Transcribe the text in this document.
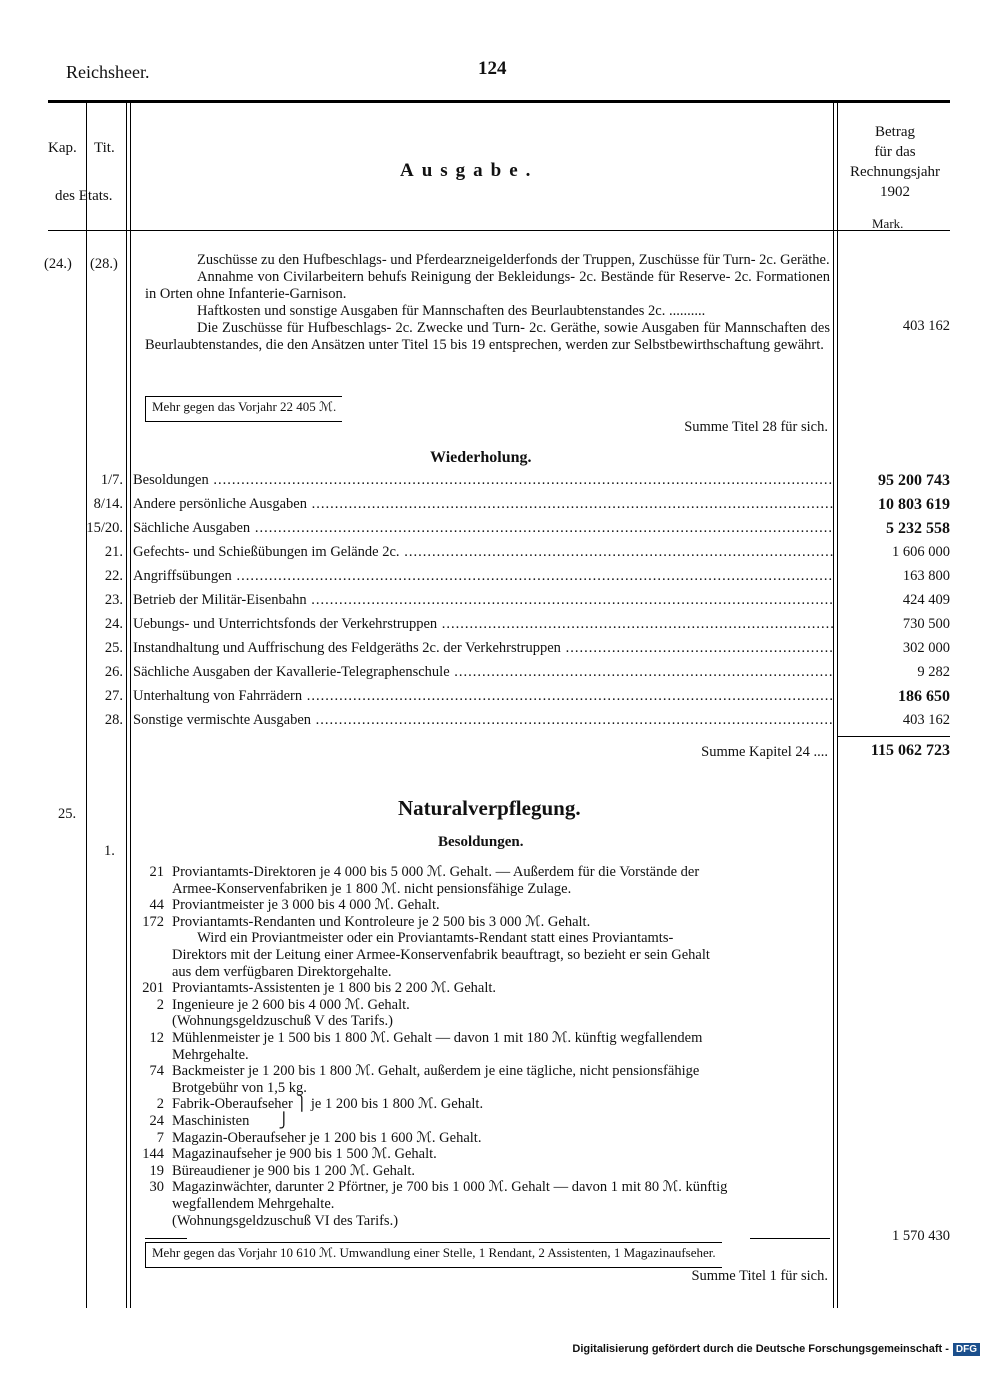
Reichsheer.	124
Kap. Tit.
des Etats.
Ausgabe.
Betrag
für das
Rechnungsjahr
1902
Mark.
(24.) (28.)	Zuschüsse zu den Hufbeschlags- und Pferdearzneigelderfonds der Truppen, Zuschüsse für Turn- 2c. Geräthe.
Annahme von Civilarbeitern behufs Reinigung der Bekleidungs- 2c. Bestände für Reserve- 2c. Formationen in Orten ohne Infanterie-Garnison.
Haftkosten und sonstige Ausgaben für Mannschaften des Beurlaubtenstandes 2c. ..........
Die Zuschüsse für Hufbeschlags- 2c. Zwecke und Turn- 2c. Geräthe, sowie Ausgaben für Mannschaften des Beurlaubtenstandes, die den Ansätzen unter Titel 15 bis 19 entsprechen, werden zur Selbstbewirthschaftung gewährt.
403 162
Mehr gegen das Vorjahr 22 405 ℳ.
Summe Titel 28 für sich.
Wiederholung.
1/7. Besoldungen .....	95 200 743
8/14. Andere persönliche Ausgaben .....	10 803 619
15/20. Sächliche Ausgaben .....	5 232 558
21. Gefechts- und Schießübungen im Gelände 2c. .....	1 606 000
22. Angriffsübungen .....	163 800
23. Betrieb der Militär-Eisenbahn .....	424 409
24. Uebungs- und Unterrichtsfonds der Verkehrstruppen .....	730 500
25. Instandhaltung und Auffrischung des Feldgeräths 2c. der Verkehrstruppen .....	302 000
26. Sächliche Ausgaben der Kavallerie-Telegraphenschule .....	9 282
27. Unterhaltung von Fahrrädern .....	186 650
28. Sonstige vermischte Ausgaben .....	403 162
Summe Kapitel 24 ....	115 062 723
25.	Naturalverpflegung.
Besoldungen.
1.
21 Proviantamts-Direktoren je 4 000 bis 5 000 ℳ. Gehalt. — Außerdem für die Vorstände der
Armee-Konservenfabriken je 1 800 ℳ. nicht pensionsfähige Zulage.
44 Proviantmeister je 3 000 bis 4 000 ℳ. Gehalt.
172 Proviantamts-Rendanten und Kontroleure je 2 500 bis 3 000 ℳ. Gehalt.
Wird ein Proviantmeister oder ein Proviantamts-Rendant statt eines Proviantamts-
Direktors mit der Leitung einer Armee-Konservenfabrik beauftragt, so bezieht er sein Gehalt
aus dem verfügbaren Direktorgehalte.
201 Proviantamts-Assistenten je 1 800 bis 2 200 ℳ. Gehalt.
2 Ingenieure je 2 600 bis 4 000 ℳ. Gehalt.
(Wohnungsgeldzuschuß V des Tarifs.)
12 Mühlenmeister je 1 500 bis 1 800 ℳ. Gehalt — davon 1 mit 180 ℳ. künftig wegfallendem
Mehrgehalte.
74 Backmeister je 1 200 bis 1 800 ℳ. Gehalt, außerdem je eine tägliche, nicht pensionsfähige
Brotgebühr von 1,5 kg.
2 Fabrik-Oberaufseher ⎫ je 1 200 bis 1 800 ℳ. Gehalt.
24 Maschinisten        ⎭
7 Magazin-Oberaufseher je 1 200 bis 1 600 ℳ. Gehalt.
144 Magazinaufseher je 900 bis 1 500 ℳ. Gehalt.
19 Büreaudiener je 900 bis 1 200 ℳ. Gehalt.
30 Magazinwächter, darunter 2 Pförtner, je 700 bis 1 000 ℳ. Gehalt — davon 1 mit 80 ℳ. künftig
wegfallendem Mehrgehalte.
(Wohnungsgeldzuschuß VI des Tarifs.)
1 570 430
Mehr gegen das Vorjahr 10 610 ℳ. Umwandlung einer Stelle, 1 Rendant, 2 Assistenten, 1 Magazinaufseher.
Summe Titel 1 für sich.
Digitalisierung gefördert durch die Deutsche Forschungsgemeinschaft - DFG
